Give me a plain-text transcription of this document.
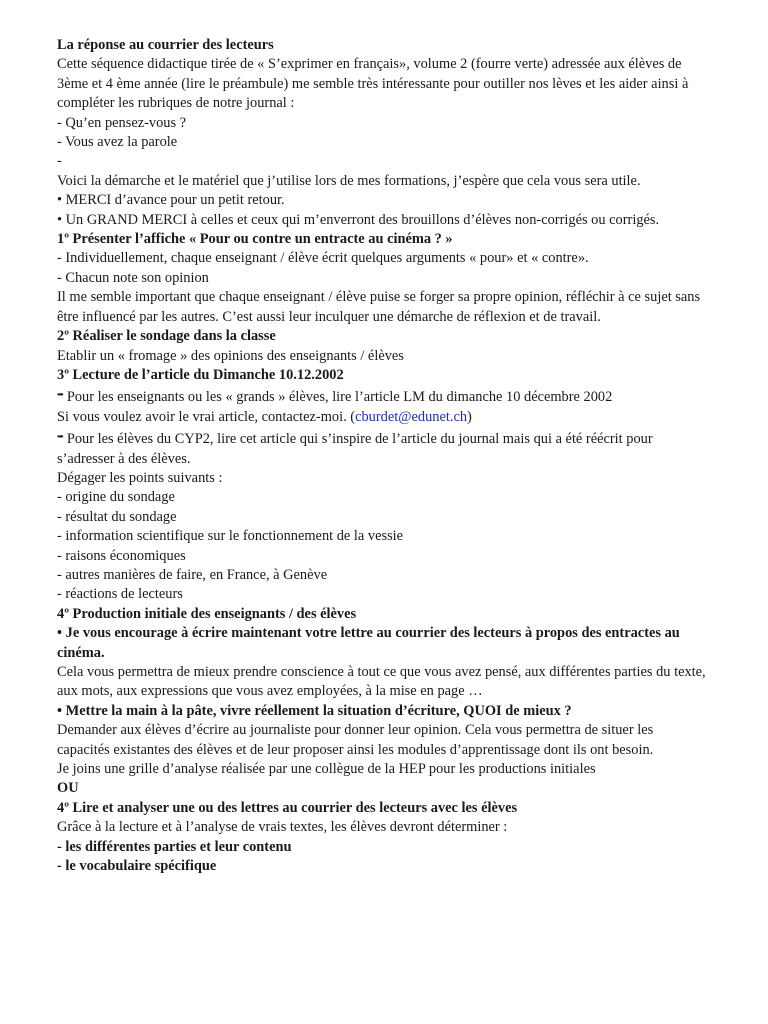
La réponse au courrier des lecteurs

Cette séquence didactique tirée de « S’exprimer en français», volume 2 (fourre verte) adressée aux élèves de 3ème et 4 ème année (lire le préambule) me semble très intéressante pour outiller nos lèves et les aider ainsi à compléter les rubriques de notre journal :

- Qu’en pensez-vous ?

- Vous avez la parole

-

Voici la démarche et le matériel que j’utilise lors de mes formations, j’espère que cela vous sera utile.

• MERCI d’avance pour un petit retour.

• Un GRAND MERCI à celles et ceux qui m’enverront des brouillons d’élèves non-corrigés ou corrigés.

1º Présenter l’affiche « Pour ou contre un entracte au cinéma ? »

- Individuellement, chaque enseignant / élève écrit quelques arguments « pour» et « contre».

- Chacun note son opinion

Il me semble important que chaque enseignant / élève puise se forger sa propre opinion, réfléchir à ce sujet sans être influencé par les autres. C’est aussi leur inculquer une démarche de réflexion et de travail.

2º Réaliser le sondage dans la classe

Etablir un « fromage » des opinions des enseignants / élèves

3º Lecture de l’article du Dimanche 10.12.2002

➡ Pour les enseignants ou les « grands » élèves, lire l’article LM du dimanche 10 décembre 2002

Si vous voulez avoir le vrai article, contactez-moi. (cburdet@edunet.ch)

➡ Pour les élèves du CYP2, lire cet article qui s’inspire de l’article du journal mais qui a été réécrit pour s’adresser à des élèves.

Dégager les points suivants :

- origine du sondage

- résultat du sondage

- information scientifique sur le fonctionnement de la vessie

- raisons économiques

- autres manières de faire, en France, à Genève

- réactions de lecteurs

4º Production initiale des enseignants / des élèves

• Je vous encourage à écrire maintenant votre lettre au courrier des lecteurs à propos des entractes au cinéma.

Cela vous permettra de mieux prendre conscience à tout ce que vous avez pensé, aux différentes parties du texte, aux mots, aux expressions que vous avez employées, à la mise en page …

• Mettre la main à la pâte, vivre réellement la situation d’écriture, QUOI de mieux ?

Demander aux élèves d’écrire au journaliste pour donner leur opinion. Cela vous permettra de situer les capacités existantes des élèves et de leur proposer ainsi les modules d’apprentissage dont ils ont besoin.

Je joins une grille d’analyse réalisée par une collègue de la HEP pour les productions initiales

OU

4º Lire et analyser une ou des lettres au courrier des lecteurs avec les élèves

Grâce à la lecture et à l’analyse de vrais textes, les élèves devront déterminer :

- les différentes parties et leur contenu

- le vocabulaire spécifique
